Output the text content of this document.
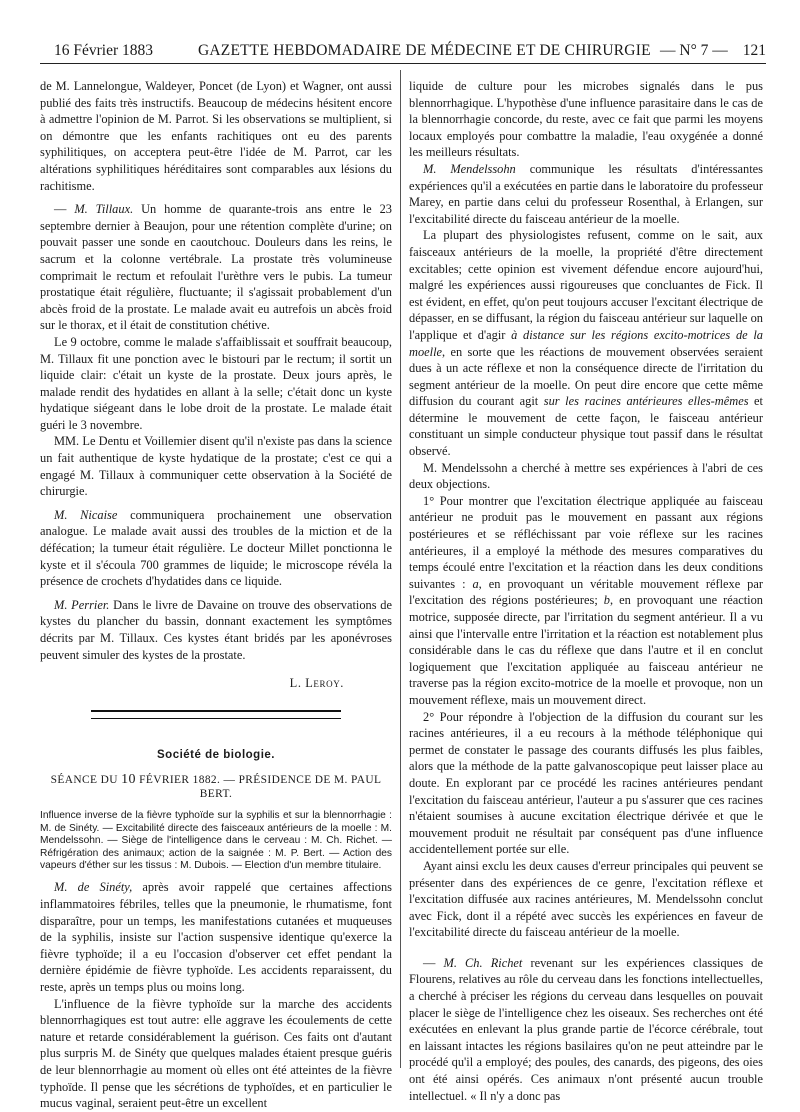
16 Février 1883	GAZETTE HEBDOMADAIRE DE MÉDECINE ET DE CHIRURGIE — N° 7 — 121

de M. Lannelongue, Waldeyer, Poncet (de Lyon) et Wagner, ont aussi publié des faits très instructifs. Beaucoup de médecins hésitent encore à admettre l'opinion de M. Parrot. Si les observations se multiplient, si on démontre que les enfants rachitiques ont eu des parents syphilitiques, on acceptera peut-être l'idée de M. Parrot, car les altérations syphilitiques héréditaires sont comparables aux lésions du rachitisme.

— M. Tillaux. Un homme de quarante-trois ans entre le 23 septembre dernier à Beaujon, pour une rétention complète d'urine; on pouvait passer une sonde en caoutchouc. Douleurs dans les reins, le sacrum et la colonne vertébrale. La prostate très volumineuse comprimait le rectum et refoulait l'urèthre vers le pubis. La tumeur prostatique était régulière, fluctuante; il s'agissait probablement d'un abcès froid de la prostate. Le malade avait eu autrefois un abcès froid sur le thorax, et il était de constitution chétive.

Le 9 octobre, comme le malade s'affaiblissait et souffrait beaucoup, M. Tillaux fit une ponction avec le bistouri par le rectum; il sortit un liquide clair: c'était un kyste de la prostate. Deux jours après, le malade rendit des hydatides en allant à la selle; c'était donc un kyste hydatique siégeant dans le lobe droit de la prostate. Le malade était guéri le 3 novembre.

MM. Le Dentu et Voillemier disent qu'il n'existe pas dans la science un fait authentique de kyste hydatique de la prostate; c'est ce qui a engagé M. Tillaux à communiquer cette observation à la Société de chirurgie.

M. Nicaise communiquera prochainement une observation analogue. Le malade avait aussi des troubles de la miction et de la défécation; la tumeur était régulière. Le docteur Millet ponctionna le kyste et il s'écoula 700 grammes de liquide; le microscope révéla la présence de crochets d'hydatides dans ce liquide.

M. Perrier. Dans le livre de Davaine on trouve des observations de kystes du plancher du bassin, donnant exactement les symptômes décrits par M. Tillaux. Ces kystes étant bridés par les aponévroses peuvent simuler des kystes de la prostate.

L. Leroy.
Société de biologie.
SÉANCE DU 10 FÉVRIER 1882. — PRÉSIDENCE DE M. PAUL BERT.
Influence inverse de la fièvre typhoïde sur la syphilis et sur la blennorrhagie : M. de Sinéty. — Excitabilité directe des faisceaux antérieurs de la moelle : M. Mendelssohn. — Siège de l'intelligence dans le cerveau : M. Ch. Richet. — Réfrigération des animaux; action de la saignée : M. P. Bert. — Action des vapeurs d'éther sur les tissus : M. Dubois. — Election d'un membre titulaire.

M. de Sinéty, après avoir rappelé que certaines affections inflammatoires fébriles, telles que la pneumonie, le rhumatisme, font disparaître, pour un temps, les manifestations cutanées et muqueuses de la syphilis, insiste sur l'action suspensive identique qu'exerce la fièvre typhoïde; il a eu l'occasion d'observer cet effet pendant la dernière épidémie de fièvre typhoïde. Les accidents reparaissent, du reste, après un temps plus ou moins long.

L'influence de la fièvre typhoïde sur la marche des accidents blennorrhagiques est tout autre: elle aggrave les écoulements de cette nature et retarde considérablement la guérison. Ces faits ont d'autant plus surpris M. de Sinéty que quelques malades étaient presque guéris de leur blennorrhagie au moment où elles ont été atteintes de la fièvre typhoïde. Il pense que les sécrétions de typhoïdes, et en particulier le mucus vaginal, seraient peut-être un excellent

liquide de culture pour les microbes signalés dans le pus blennorrhagique. L'hypothèse d'une influence parasitaire dans le cas de la blennorrhagie concorde, du reste, avec ce fait que parmi les moyens locaux employés pour combattre la maladie, l'eau oxygénée a donné les meilleurs résultats.

M. Mendelssohn communique les résultats d'intéressantes expériences qu'il a exécutées en partie dans le laboratoire du professeur Marey, en partie dans celui du professeur Rosenthal, à Erlangen, sur l'excitabilité directe du faisceau antérieur de la moelle.

La plupart des physiologistes refusent, comme on le sait, aux faisceaux antérieurs de la moelle, la propriété d'être directement excitables; cette opinion est vivement défendue encore aujourd'hui, malgré les expériences aussi rigoureuses que concluantes de Fick. Il est évident, en effet, qu'on peut toujours accuser l'excitant électrique de dépasser, en se diffusant, la région du faisceau antérieur sur laquelle on l'applique et d'agir à distance sur les régions excito-motrices de la moelle, en sorte que les réactions de mouvement observées seraient dues à un acte réflexe et non la conséquence directe de l'irritation du segment antérieur de la moelle. On peut dire encore que cette même diffusion du courant agit sur les racines antérieures elles-mêmes et détermine le mouvement de cette façon, le faisceau antérieur constituant un simple conducteur physique tout passif dans le résultat observé.

M. Mendelssohn a cherché à mettre ses expériences à l'abri de ces deux objections.

1° Pour montrer que l'excitation électrique appliquée au faisceau antérieur ne produit pas le mouvement en passant aux régions postérieures et se réfléchissant par voie réflexe sur les racines antérieures, il a employé la méthode des mesures comparatives du temps écoulé entre l'excitation et la réaction dans les deux conditions suivantes : a, en provoquant un véritable mouvement réflexe par l'excitation des régions postérieures; b, en provoquant une réaction motrice, supposée directe, par l'irritation du segment antérieur. Il a vu ainsi que l'intervalle entre l'irritation et la réaction est notablement plus considérable dans le cas du réflexe que dans l'autre et il en conclut logiquement que l'excitation appliquée au faisceau antérieur ne traverse pas la région excito-motrice de la moelle et provoque, non un mouvement réflexe, mais un mouvement direct.

2° Pour répondre à l'objection de la diffusion du courant sur les racines antérieures, il a eu recours à la méthode téléphonique qui permet de constater le passage des courants diffusés les plus faibles, alors que la méthode de la patte galvanoscopique peut laisser place au doute. En explorant par ce procédé les racines antérieures pendant l'excitation du faisceau antérieur, l'auteur a pu s'assurer que ces racines n'étaient soumises à aucune excitation électrique dérivée et que le mouvement produit ne résultait par conséquent pas d'une influence accidentellement portée sur elle.

Ayant ainsi exclu les deux causes d'erreur principales qui peuvent se présenter dans des expériences de ce genre, l'excitation réflexe et l'excitation diffusée aux racines antérieures, M. Mendelssohn conclut avec Fick, dont il a répété avec succès les expériences en faveur de l'excitabilité directe du faisceau antérieur de la moelle.

— M. Ch. Richet revenant sur les expériences classiques de Flourens, relatives au rôle du cerveau dans les fonctions intellectuelles, a cherché à préciser les régions du cerveau dans lesquelles on pouvait placer le siège de l'intelligence chez les oiseaux. Ses recherches ont été exécutées en enlevant la plus grande partie de l'écorce cérébrale, tout en laissant intactes les régions basilaires qu'on ne peut atteindre par le procédé qu'il a employé; des poules, des canards, des pigeons, des oies ont été ainsi opérés. Ces animaux n'ont présenté aucun trouble intellectuel. « Il n'y a donc pas
